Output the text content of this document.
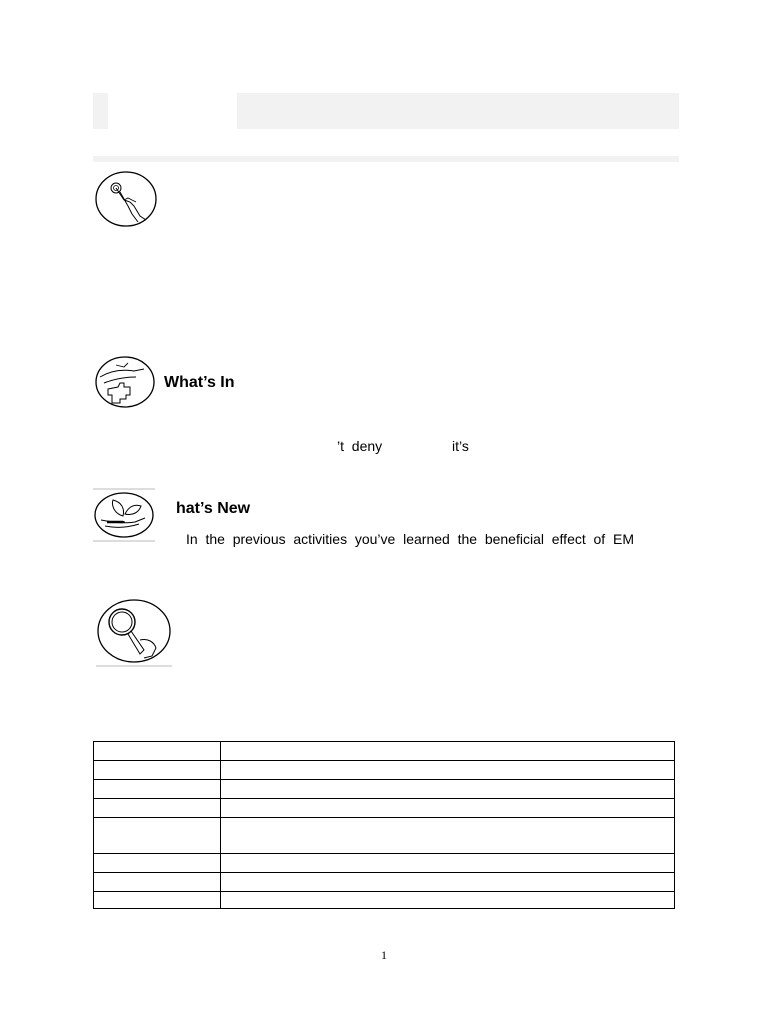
What’s In
’t  deny	it’s
hat’s New
In  the  previous  activities  you’ve  learned  the  beneficial  effect  of  EM

1
